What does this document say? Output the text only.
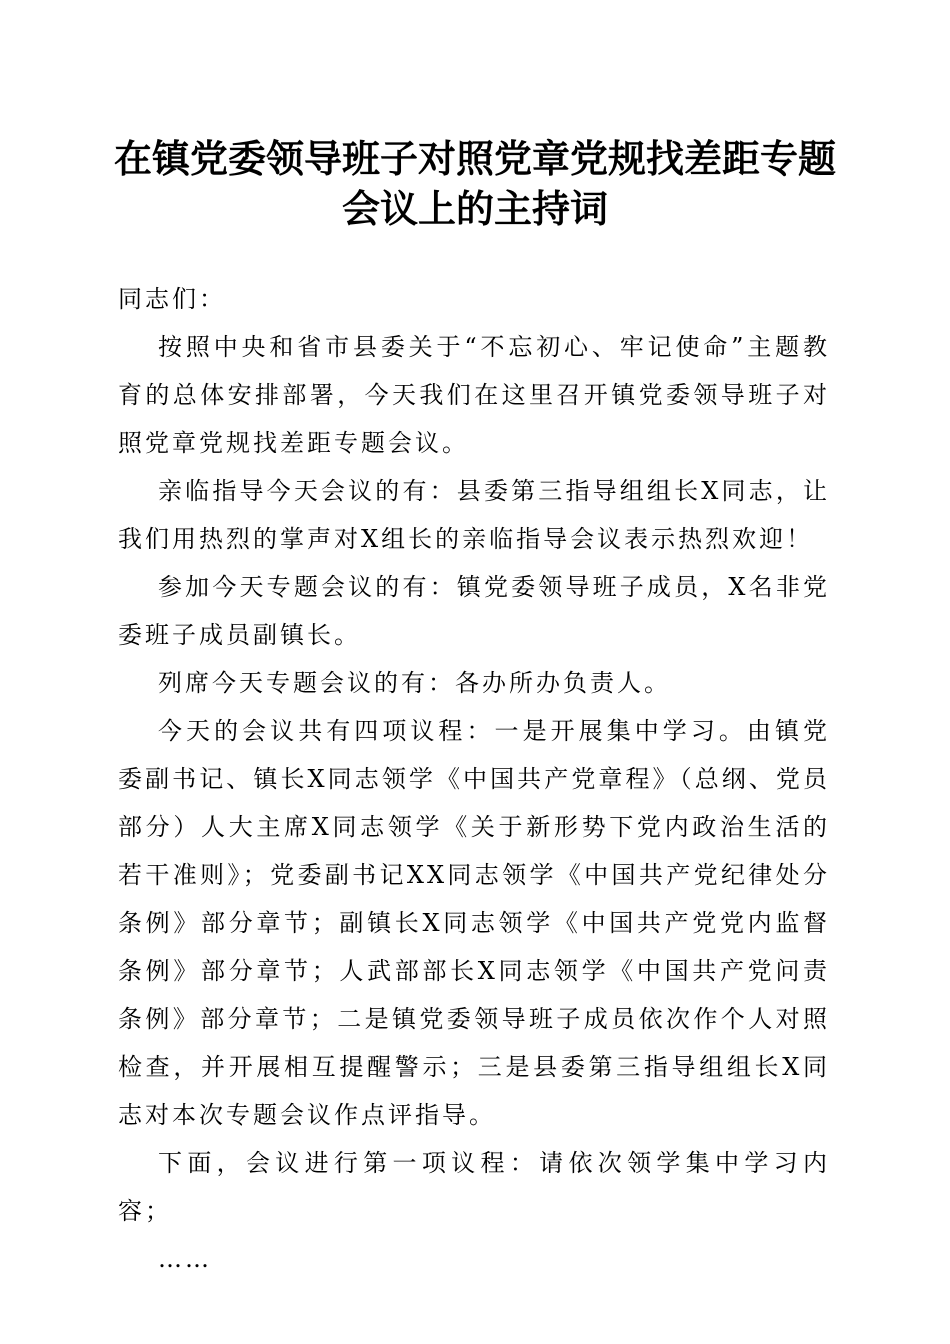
在镇党委领导班子对照党章党规找差距专题会议上的主持词

同志们：

按照中央和省市县委关于“不忘初心、牢记使命”主题教育的总体安排部署，今天我们在这里召开镇党委领导班子对照党章党规找差距专题会议。

亲临指导今天会议的有：县委第三指导组组长X同志，让我们用热烈的掌声对X组长的亲临指导会议表示热烈欢迎！

参加今天专题会议的有：镇党委领导班子成员，X名非党委班子成员副镇长。

列席今天专题会议的有：各办所办负责人。

今天的会议共有四项议程：一是开展集中学习。由镇党委副书记、镇长X同志领学《中国共产党章程》（总纲、党员部分）人大主席X同志领学《关于新形势下党内政治生活的若干准则》；党委副书记XX同志领学《中国共产党纪律处分条例》部分章节；副镇长X同志领学《中国共产党党内监督条例》部分章节；人武部部长X同志领学《中国共产党问责条例》部分章节；二是镇党委领导班子成员依次作个人对照检查，并开展相互提醒警示；三是县委第三指导组组长X同志对本次专题会议作点评指导。

下面，会议进行第一项议程：请依次领学集中学习内容；

……
